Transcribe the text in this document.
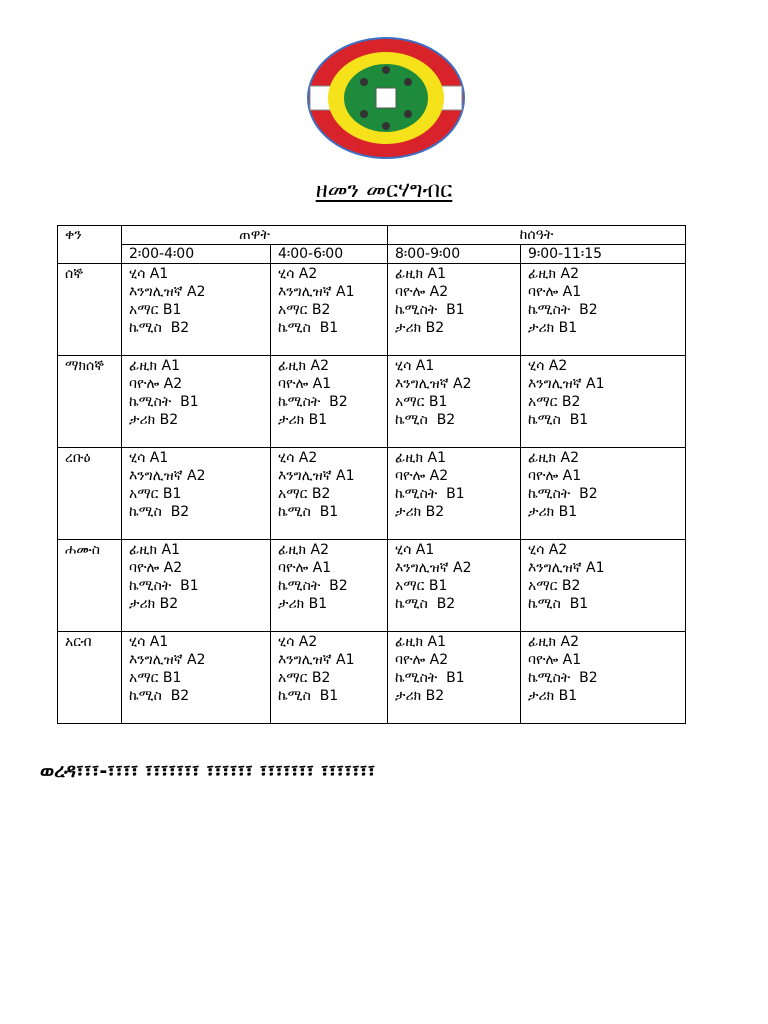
ዘመን መርሃግብር
ቀን	ጠዋት		ከሰዓት	
	2፡00-4፡00	4፡00-6፡00	8፡00-9፡00	9፡00-11፡15
ሰኞ	ሂሳ A1
እንግሊዝኛ A2
አማር B1
ኬሚስ  B2	ሂሳ A2
እንግሊዝኛ A1
አማር B2
ኬሚስ  B1	ፊዚክ A1
ባዮሎ A2
ኬሚስት  B1
ታሪክ B2	ፊዚክ A2
ባዮሎ A1
ኬሚስት  B2
ታሪክ B1

ማክሰኞ	ፊዚክ A1
ባዮሎ A2
ኬሚስት  B1
ታሪክ B2	ፊዚክ A2
ባዮሎ A1
ኬሚስት  B2
ታሪክ B1	ሂሳ A1
እንግሊዝኛ A2
አማር B1
ኬሚስ  B2	ሂሳ A2
እንግሊዝኛ A1
አማር B2
ኬሚስ  B1

ረቡዕ	ሂሳ A1
እንግሊዝኛ A2
አማር B1
ኬሚስ  B2	ሂሳ A2
እንግሊዝኛ A1
አማር B2
ኬሚስ  B1	ፊዚክ A1
ባዮሎ A2
ኬሚስት  B1
ታሪክ B2	ፊዚክ A2
ባዮሎ A1
ኬሚስት  B2
ታሪክ B1

ሐሙስ	ፊዚክ A1
ባዮሎ A2
ኬሚስት  B1
ታሪክ B2	ፊዚክ A2
ባዮሎ A1
ኬሚስት  B2
ታሪክ B1	ሂሳ A1
እንግሊዝኛ A2
አማር B1
ኬሚስ  B2	ሂሳ A2
እንግሊዝኛ A1
አማር B2
ኬሚስ  B1

አርብ	ሂሳ A1
እንግሊዝኛ A2
አማር B1
ኬሚስ  B2	ሂሳ A2
እንግሊዝኛ A1
አማር B2
ኬሚስ  B1	ፊዚክ A1
ባዮሎ A2
ኬሚስት  B1
ታሪክ B2	ፊዚክ A2
ባዮሎ A1
ኬሚስት  B2
ታሪክ B1
ወረዳ፣፣፣-፣፣፣፣ ፣፣፣፣፣፣፣ ፣፣፣፣፣፣ ፣፣፣፣፣፣፣ ፣፣፣፣፣፣፣
